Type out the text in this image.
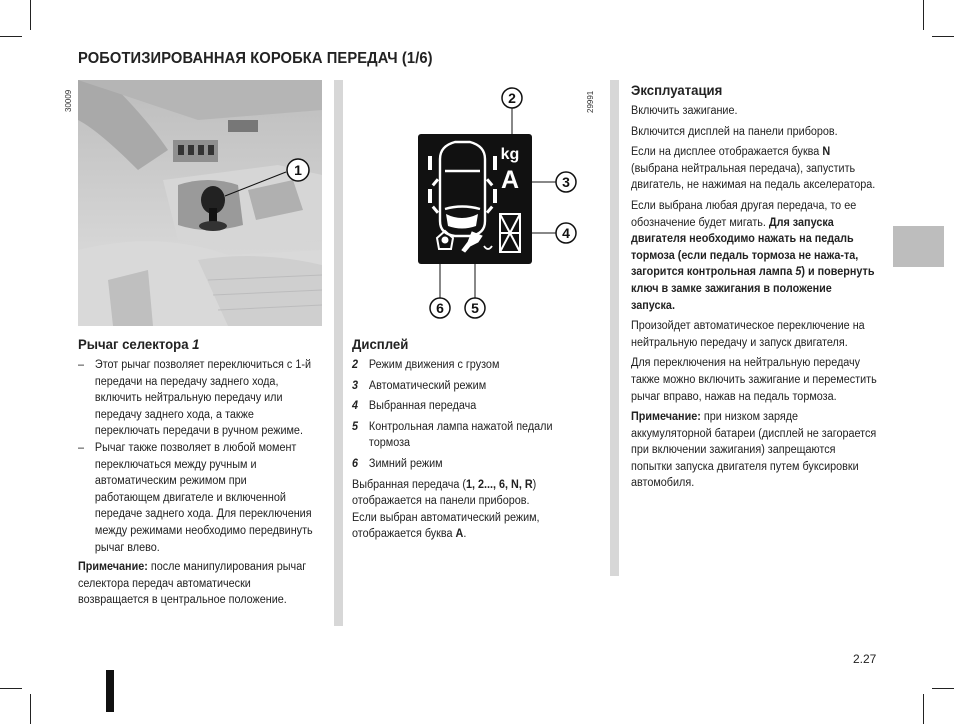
РОБОТИЗИРОВАННАЯ КОРОБКА ПЕРЕДАЧ (1/6)
1
30009	2
kg
A	3
4
6 5
29991
Рычаг селектора 1
– Этот рычаг позволяет переключиться с 1-й передачи на передачу заднего хода, включить нейтральную передачу или передачу заднего хода, а также переключать передачи в ручном режиме.
– Рычаг также позволяет в любой момент переключаться между ручным и автоматическим режимом при работающем двигателе и включенной передаче заднего хода. Для переключения между режимами необходимо передвинуть рычаг влево.

Примечание: после манипулирования рычаг селектора передач автоматически возвращается в центральное положение.

Дисплей
2 Режим движения с грузом
3 Автоматический режим
4 Выбранная передача
5 Контрольная лампа нажатой педали тормоза
6 Зимний режим

Выбранная передача (1, 2..., 6, N, R) отображается на панели приборов.

Если выбран автоматический режим, отображается буква A.

Эксплуатация

Включить зажигание.

Включится дисплей на панели приборов.

Если на дисплее отображается буква N (выбрана нейтральная передача), запустить двигатель, не нажимая на педаль акселератора.

Если выбрана любая другая передача, то ее обозначение будет мигать. Для запуска двигателя необходимо нажать на педаль тормоза (если педаль тормоза не нажа-та, загорится контрольная лампа 5) и повернуть ключ в замке зажигания в положение запуска.

Произойдет автоматическое переключение на нейтральную передачу и запуск двигателя.

Для переключения на нейтральную передачу также можно включить зажигание и переместить рычаг вправо, нажав на педаль тормоза.

Примечание: при низком заряде аккумуляторной батареи (дисплей не загорается при включении зажигания) запрещаются попытки запуска двигателя путем буксировки автомобиля.

2.27
